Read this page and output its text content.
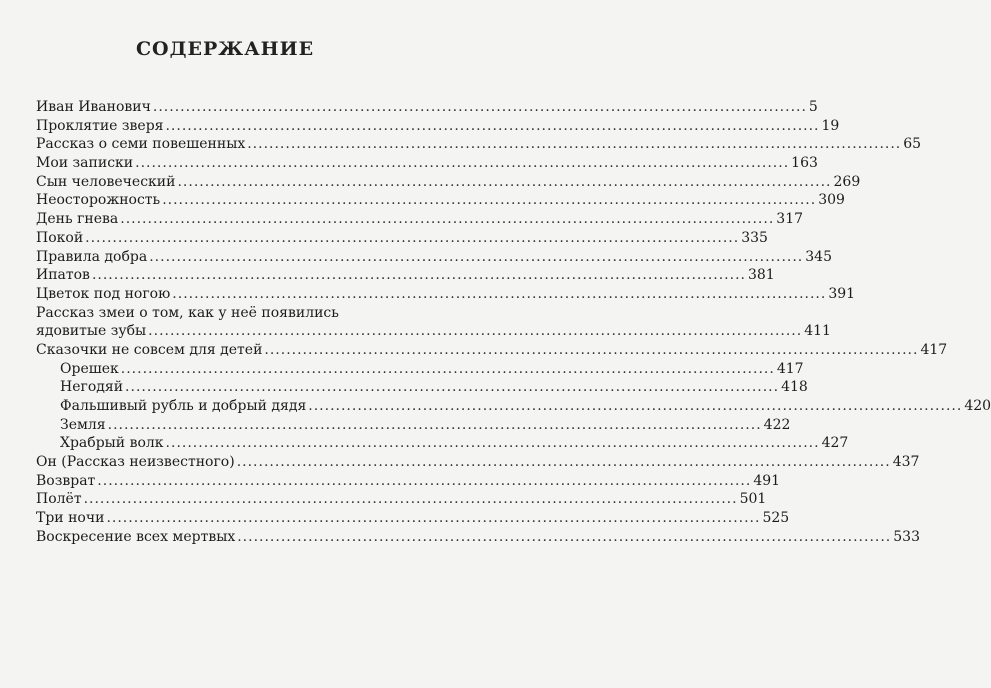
СОДЕРЖАНИЕ
Иван Иванович .....	5
Проклятие зверя .....	19
Рассказ о семи повешенных .....	65
Мои записки .....	163
Сын человеческий .....	269
Неосторожность .....	309
День гнева .....	317
Покой .....	335
Правила добра .....	345
Ипатов .....	381
Цветок под ногою .....	391
Рассказ змеи о том, как у неё появились
ядовитые зубы .....	411
Сказочки не совсем для детей .....	417
Орешек .....	417
Негодяй .....	418
Фальшивый рубль и добрый дядя .....	420
Земля .....	422
Храбрый волк .....	427
Он (Рассказ неизвестного) .....	437
Возврат .....	491
Полёт .....	501
Три ночи .....	525
Воскресение всех мертвых .....	533
